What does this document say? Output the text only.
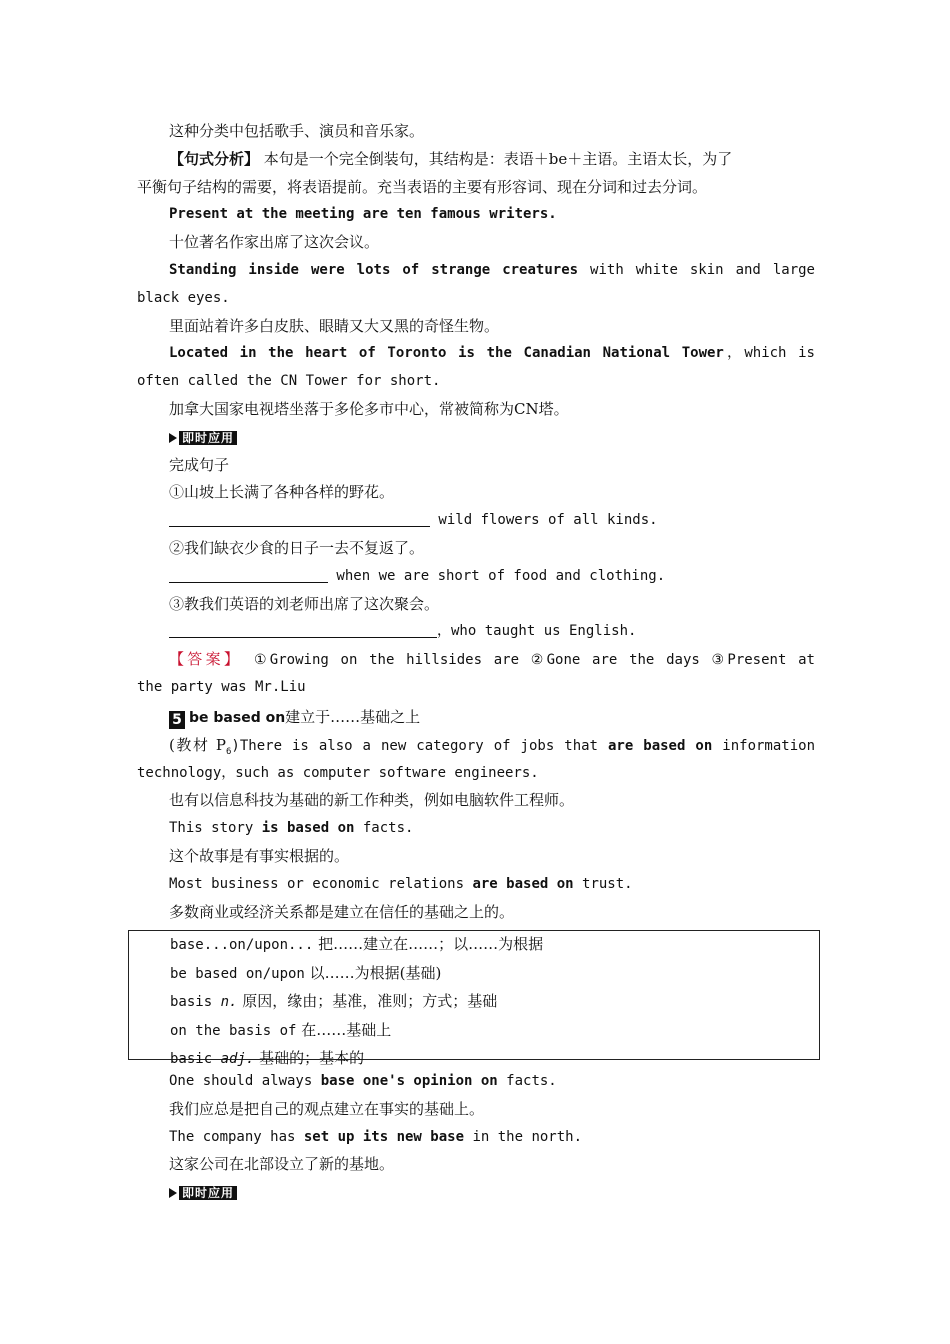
这种分类中包括歌手、演员和音乐家。
【句式分析】 本句是一个完全倒装句，其结构是：表语＋be＋主语。主语太长，为了
平衡句子结构的需要，将表语提前。充当表语的主要有形容词、现在分词和过去分词。
Present at the meeting are ten famous writers.
十位著名作家出席了这次会议。
Standing inside were lots of strange creatures with white skin and large
black eyes.
里面站着许多白皮肤、眼睛又大又黑的奇怪生物。
Located in the heart of Toronto is the Canadian National Tower，which is
often called the CN Tower for short.
加拿大国家电视塔坐落于多伦多市中心，常被简称为CN塔。
即时应用
完成句子
①山坡上长满了各种各样的野花。
wild flowers of all kinds.
②我们缺衣少食的日子一去不复返了。
when we are short of food and clothing.
③教我们英语的刘老师出席了这次聚会。
，who taught us English.
【答案】 ①Growing on the hillsides are ②Gone are the days ③Present at
the party was Mr.Liu
5 be based on建立于……基础之上
(教材 $P_6)There$ is also a new category of jobs that are based on information
technology，such as computer software engineers.
也有以信息科技为基础的新工作种类，例如电脑软件工程师。
This story is based on facts.
这个故事是有事实根据的。
Most business or economic relations are based on trust.
多数商业或经济关系都是建立在信任的基础之上的。
base...on/upon... 把……建立在……；以……为根据
be based on/upon 以……为根据(基础)
basis n. 原因，缘由；基准，准则；方式；基础
on the basis of 在……基础上
basic adj. 基础的；基本的
One should always base one's opinion on facts.
我们应总是把自己的观点建立在事实的基础上。
The company has set up its new base in the north.
这家公司在北部设立了新的基地。
即时应用
